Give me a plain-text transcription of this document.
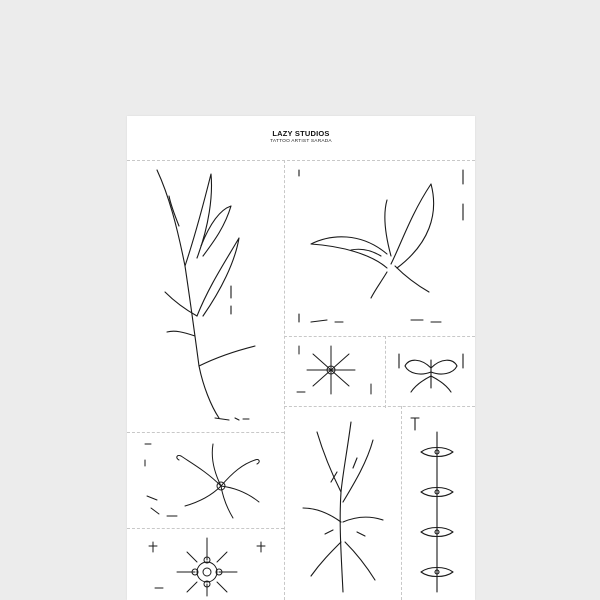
LAZY STUDIOS
TATTOO ARTIST SARADA
